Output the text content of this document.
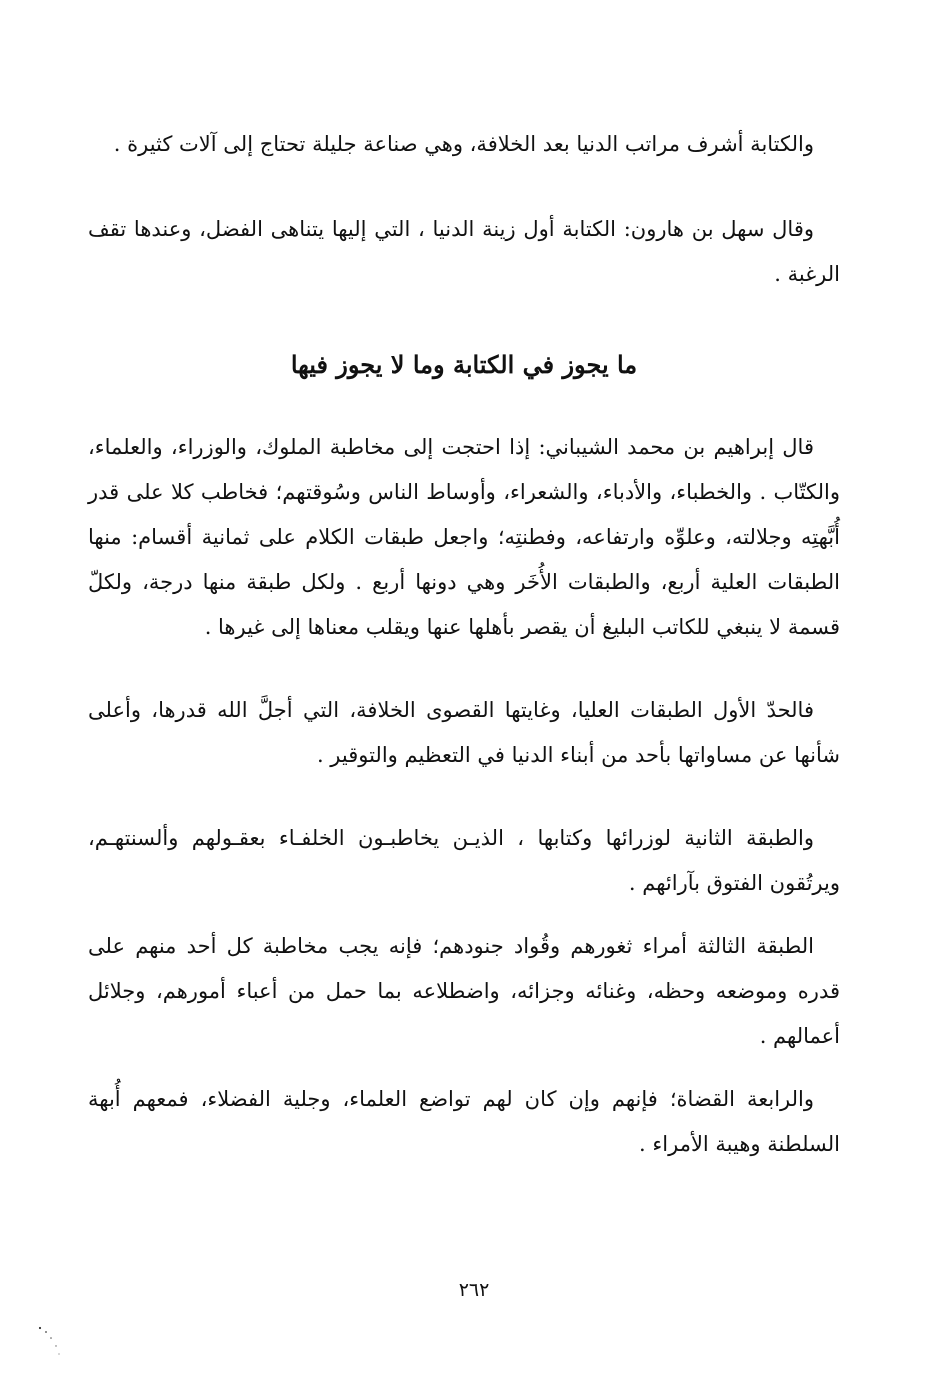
والكتابة أشرف مراتب الدنيا بعد الخلافة، وهي صناعة جليلة تحتاج إلى آلات كثيرة .

وقال سهل بن هارون: الكتابة أول زينة الدنيا ، التي إليها يتناهى الفضل، وعندها تقف الرغبة .

ما يجوز في الكتابة وما لا يجوز فيها

قال إبراهيم بن محمد الشيباني: إذا احتجت إلى مخاطبة الملوك، والوزراء، والعلماء، والكتّاب . والخطباء، والأدباء، والشعراء، وأوساط الناس وسُوقتهم؛ فخاطب كلا على قدر أُبَّهتِه وجلالته، وعلوِّه وارتفاعه، وفطنتِه؛ واجعل طبقات الكلام على ثمانية أقسام: منها الطبقات العلية أربع، والطبقات الأُخَر وهي دونها أربع . ولكل طبقة منها درجة، ولكلّ قسمة لا ينبغي للكاتب البليغ أن يقصر بأهلها عنها ويقلب معناها إلى غيرها .

فالحدّ الأول الطبقات العليا، وغايتها القصوى الخلافة، التي أجلَّ الله قدرها، وأعلى شأنها عن مساواتها بأحد من أبناء الدنيا في التعظيم والتوقير .

والطبقة الثانية لوزرائها وكتابها ، الذيـن يخاطبـون الخلفـاء بعقـولهم وألسنتهـم، ويرتُقون الفتوق بآرائهم .

الطبقة الثالثة أمراء ثغورهم وقُواد جنودهم؛ فإنه يجب مخاطبة كل أحد منهم على قدره وموضعه وحظه، وغنائه وجزائه، واضطلاعه بما حمل من أعباء أمورهم، وجلائل أعمالهم .

والرابعة القضاة؛ فإنهم وإن كان لهم تواضع العلماء، وجلية الفضلاء، فمعهم أُبهة السلطنة وهيبة الأمراء .

٢٦٢
